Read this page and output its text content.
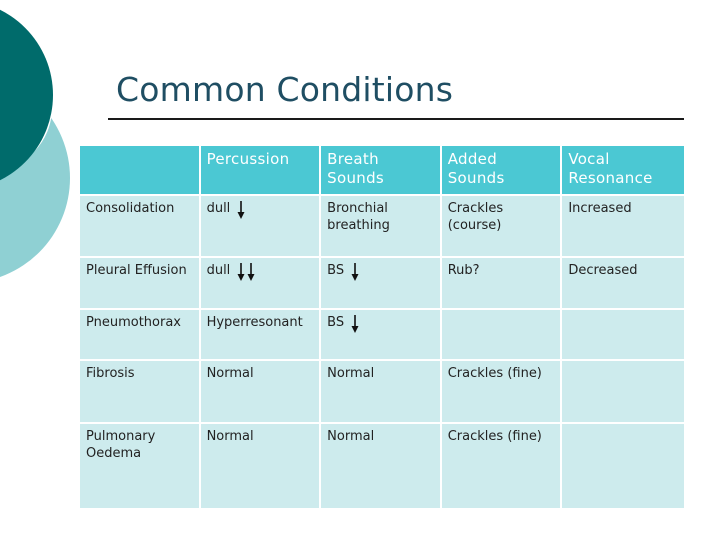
Common Conditions
	Percussion	Breath Sounds	Added Sounds	Vocal Resonance
Consolidation	dull	Bronchial breathing	Crackles (course)	Increased
Pleural Effusion	dull	BS	Rub?	Decreased
Pneumothorax	Hyperresonant	BS		
Fibrosis	Normal	Normal	Crackles (fine)	
Pulmonary Oedema	Normal	Normal	Crackles (fine)	
